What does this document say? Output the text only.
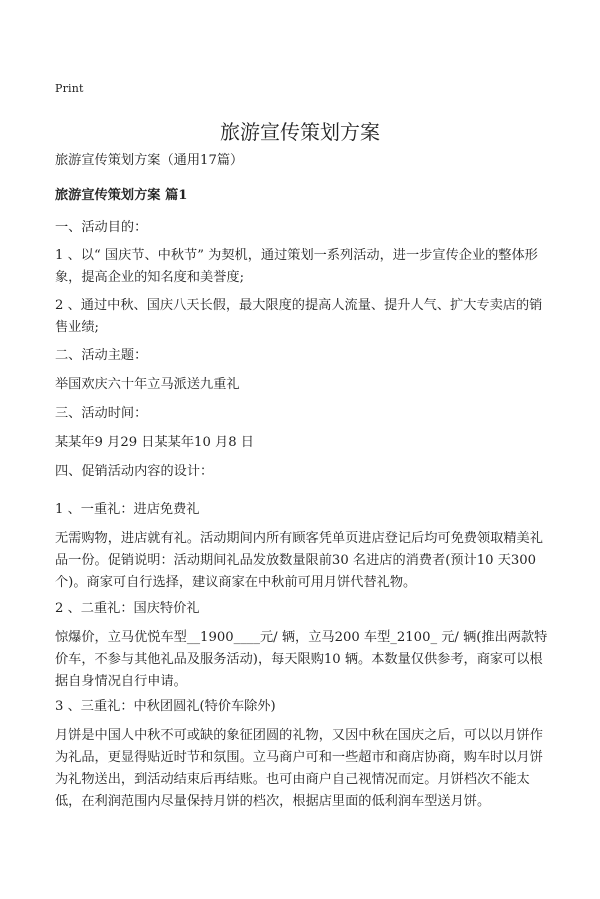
Print
旅游宣传策划方案

旅游宣传策划方案（通用17篇）

旅游宣传策划方案 篇1

一、活动目的：

1 、以“ 国庆节、中秋节” 为契机，通过策划一系列活动，进一步宣传企业的整体形象，提高企业的知名度和美誉度;

2 、通过中秋、国庆八天长假，最大限度的提高人流量、提升人气、扩大专卖店的销售业绩;

二、活动主题：

举国欢庆六十年立马派送九重礼

三、活动时间：

某某年9 月29 日某某年10 月8 日

四、促销活动内容的设计：

1 、一重礼：进店免费礼

无需购物，进店就有礼。活动期间内所有顾客凭单页进店登记后均可免费领取精美礼品一份。促销说明：活动期间礼品发放数量限前30 名进店的消费者(预计10 天300 个)。商家可自行选择，建议商家在中秋前可用月饼代替礼物。

2 、二重礼：国庆特价礼

惊爆价，立马优悦车型__1900____元/ 辆，立马200 车型_2100_ 元/ 辆(推出两款特价车，不参与其他礼品及服务活动)，每天限购10 辆。本数量仅供参考，商家可以根据自身情况自行申请。

3 、三重礼：中秋团圆礼(特价车除外)

月饼是中国人中秋不可或缺的象征团圆的礼物，又因中秋在国庆之后，可以以月饼作为礼品，更显得贴近时节和氛围。立马商户可和一些超市和商店协商，购车时以月饼为礼物送出，到活动结束后再结账。也可由商户自己视情况而定。月饼档次不能太低，在利润范围内尽量保持月饼的档次，根据店里面的低利润车型送月饼。
